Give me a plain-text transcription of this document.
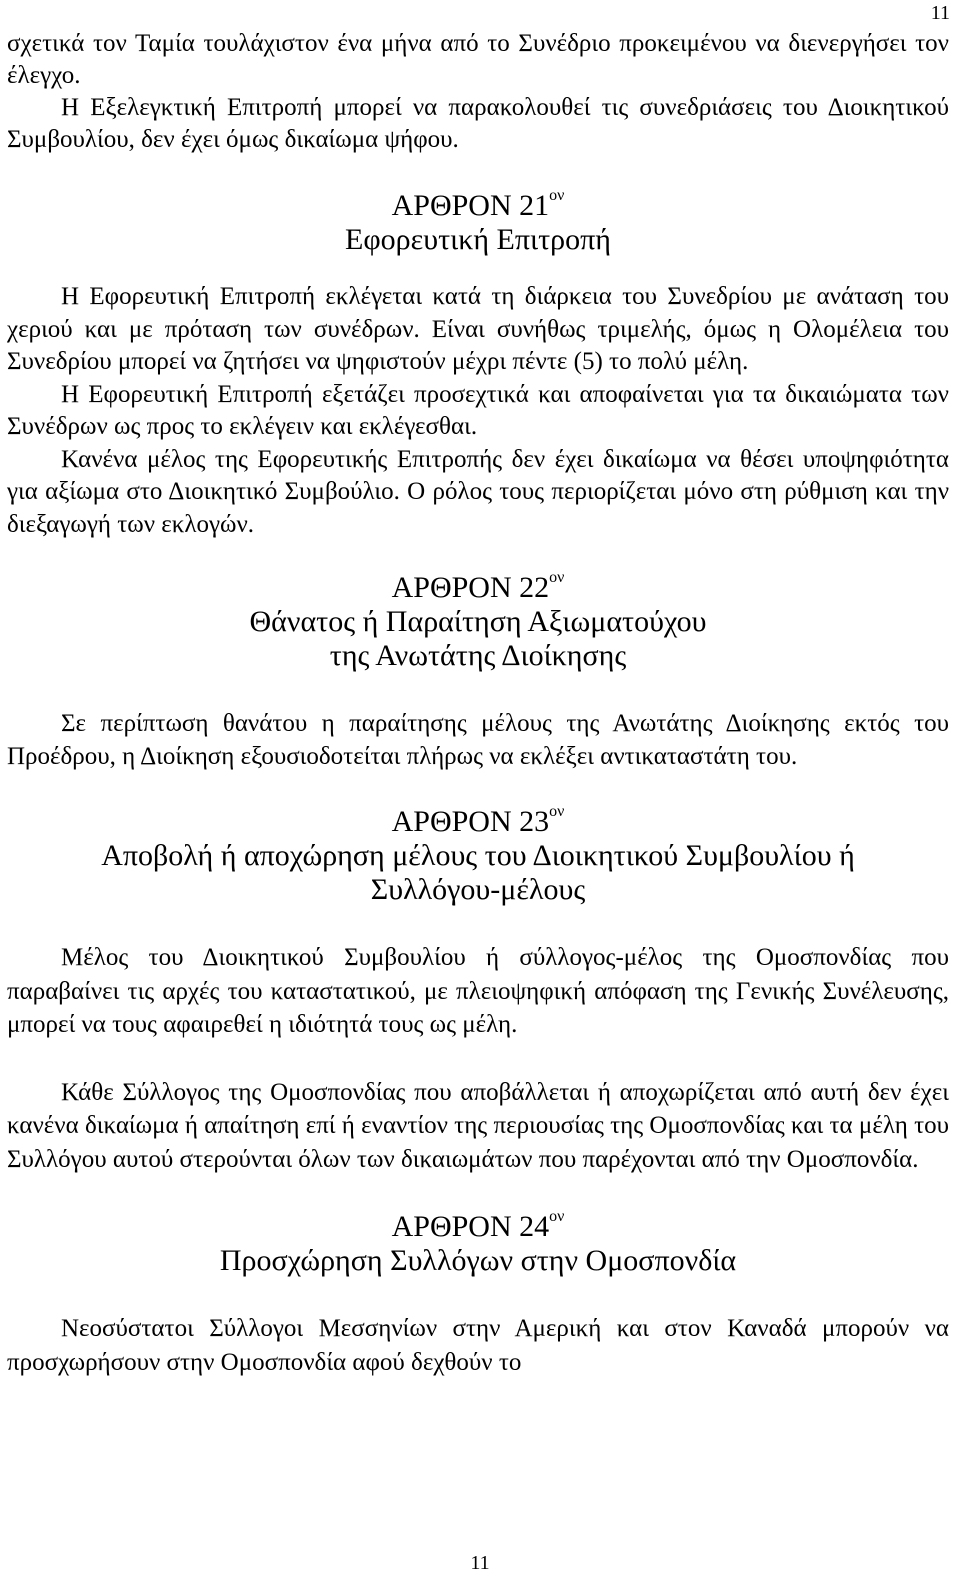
11

σχετικά τον Ταμία τουλάχιστον ένα μήνα από το Συνέδριο προκειμένου να διενεργήσει τον έλεγχο.

Η Εξελεγκτική Επιτροπή μπορεί να παρακολουθεί τις συνεδριάσεις του Διοικητικού Συμβουλίου, δεν έχει όμως δικαίωμα ψήφου.

ΑΡΘΡΟΝ $21^{o\nu}$
Εφορευτική Επιτροπή

Η Εφορευτική Επιτροπή εκλέγεται κατά τη διάρκεια του Συνεδρίου με ανάταση του χεριού και με πρόταση των συνέδρων. Είναι συνήθως τριμελής, όμως η Ολομέλεια του Συνεδρίου μπορεί να ζητήσει να ψηφιστούν μέχρι πέντε (5) το πολύ μέλη.

Η Εφορευτική Επιτροπή εξετάζει προσεχτικά και αποφαίνεται για τα δικαιώματα των Συνέδρων ως προς το εκλέγειν και εκλέγεσθαι.

Κανένα μέλος της Εφορευτικής Επιτροπής δεν έχει δικαίωμα να θέσει υποψηφιότητα για αξίωμα στο Διοικητικό Συμβούλιο. Ο ρόλος τους περιορίζεται μόνο στη ρύθμιση και την διεξαγωγή των εκλογών.

ΑΡΘΡΟΝ $22^{o\nu}$
Θάνατος ή Παραίτηση Αξιωματούχου
της Ανωτάτης Διοίκησης

Σε περίπτωση θανάτου η παραίτησης μέλους της Ανωτάτης Διοίκησης εκτός του Προέδρου, η Διοίκηση εξουσιοδοτείται πλήρως να εκλέξει αντικαταστάτη του.

ΑΡΘΡΟΝ $23^{o\nu}$
Αποβολή ή αποχώρηση μέλους του Διοικητικού Συμβουλίου ή
Συλλόγου-μέλους

Μέλος του Διοικητικού Συμβουλίου ή σύλλογος-μέλος της Ομοσπονδίας που παραβαίνει τις αρχές του καταστατικού, με πλειοψηφική απόφαση της Γενικής Συνέλευσης, μπορεί να τους αφαιρεθεί η ιδιότητά τους ως μέλη.

Κάθε Σύλλογος της Ομοσπονδίας που αποβάλλεται ή αποχωρίζεται από αυτή δεν έχει κανένα δικαίωμα ή απαίτηση επί ή εναντίον της περιουσίας της Ομοσπονδίας και τα μέλη του Συλλόγου αυτού στερούνται όλων των δικαιωμάτων που παρέχονται από την Ομοσπονδία.

ΑΡΘΡΟΝ $24^{o\nu}$
Προσχώρηση Συλλόγων στην Ομοσπονδία

Νεοσύστατοι Σύλλογοι Μεσσηνίων στην Αμερική και στον Καναδά μπορούν να προσχωρήσουν στην Ομοσπονδία αφού δεχθούν το

11
